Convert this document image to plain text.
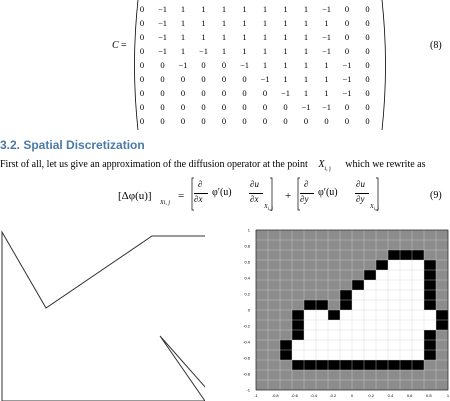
C =
0	−1	1	1	1	1	1	1	1	−1	0	0
0	−1	1	1	1	1	1	1	1	1	0	0
0	−1	1	1	1	1	1	1	1	−1	0	0
0	−1	1	−1	1	1	1	1	1	−1	0	0
0	0	−1	0	0	−1	1	1	1	1	−1	0
0	0	0	0	0	0	−1	1	1	1	−1	0
0	0	0	0	0	0	0	−1	1	1	−1	0
0	0	0	0	0	0	0	0	−1	−1	0	0
0	0	0	0	0	0	0	0	0	0	0	0
(8)
3.2. Spatial Discretization
First of all, let us give an approximation of the diffusion operator at the point $X_{i, j}$ which we rewrite as
[Δφ(u)]
Xi, j
=
∂
∂x
φ′(u)
∂u
∂x
$X_{i, j}$
+
∂
∂y
φ′(u)
∂u
∂y
$X_{i, j}$
(9)
1
0.8
0.6
0.4
0.2
0
-0.2
-0.4
-0.6
-0.8
-1
-1	-0.8	-0.6	-0.4	-0.2	0	0.2	0.4	0.6	0.8	1
